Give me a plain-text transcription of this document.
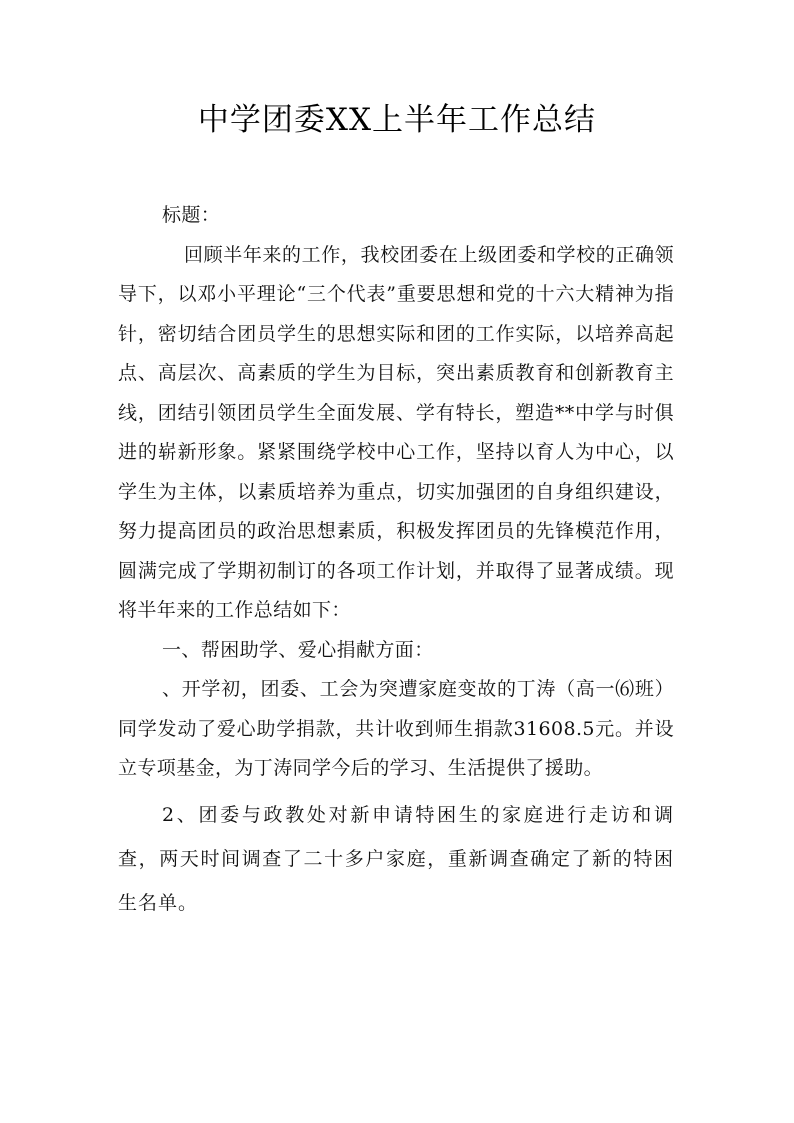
中学团委XX上半年工作总结

标题：

回顾半年来的工作，我校团委在上级团委和学校的正确领导下，以邓小平理论“三个代表”重要思想和党的十六大精神为指针，密切结合团员学生的思想实际和团的工作实际，以培养高起点、高层次、高素质的学生为目标，突出素质教育和创新教育主线，团结引领团员学生全面发展、学有特长，塑造**中学与时俱进的崭新形象。紧紧围绕学校中心工作，坚持以育人为中心，以学生为主体，以素质培养为重点，切实加强团的自身组织建设，努力提高团员的政治思想素质，积极发挥团员的先锋模范作用，圆满完成了学期初制订的各项工作计划，并取得了显著成绩。现将半年来的工作总结如下：

一、帮困助学、爱心捐献方面：

、开学初，团委、工会为突遭家庭变故的丁涛（高一⑹班）同学发动了爱心助学捐款，共计收到师生捐款31608.5元。并设立专项基金，为丁涛同学今后的学习、生活提供了援助。

2、团委与政教处对新申请特困生的家庭进行走访和调查，两天时间调查了二十多户家庭，重新调查确定了新的特困生名单。
